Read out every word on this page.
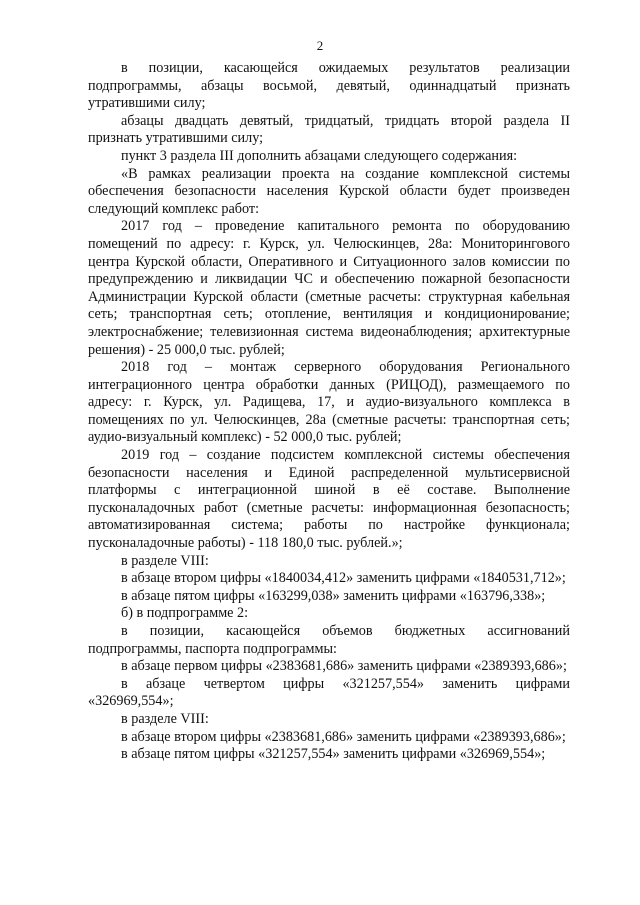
2

в позиции, касающейся ожидаемых результатов реализации подпрограммы, абзацы восьмой, девятый, одиннадцатый признать утратившими силу;

абзацы двадцать девятый, тридцатый, тридцать второй раздела II признать утратившими силу;

пункт 3 раздела III дополнить абзацами следующего содержания:

«В рамках реализации проекта на создание комплексной системы обеспечения безопасности населения Курской области будет произведен следующий комплекс работ:

2017 год – проведение капитального ремонта по оборудованию помещений по адресу: г. Курск, ул. Челюскинцев, 28а: Мониторингового центра Курской области, Оперативного и Ситуационного залов комиссии по предупреждению и ликвидации ЧС и обеспечению пожарной безопасности Администрации Курской области (сметные расчеты: структурная кабельная сеть; транспортная сеть; отопление, вентиляция и кондиционирование; электроснабжение; телевизионная система видеонаблюдения; архитектурные решения) - 25 000,0 тыс. рублей;

2018 год – монтаж серверного оборудования Регионального интеграционного центра обработки данных (РИЦОД), размещаемого по адресу: г. Курск, ул. Радищева, 17, и аудио-визуального комплекса в помещениях по ул. Челюскинцев, 28а (сметные расчеты: транспортная сеть; аудио-визуальный комплекс) - 52 000,0 тыс. рублей;

2019 год – создание подсистем комплексной системы обеспечения безопасности населения и Единой распределенной мультисервисной платформы с интеграционной шиной в её составе. Выполнение пусконаладочных работ (сметные расчеты: информационная безопасность; автоматизированная система; работы по настройке функционала; пусконаладочные работы) - 118 180,0 тыс. рублей.»;

в разделе VIII:

в абзаце втором цифры «1840034,412» заменить цифрами «1840531,712»;

в абзаце пятом цифры «163299,038» заменить цифрами «163796,338»;

б) в подпрограмме 2:

в позиции, касающейся объемов бюджетных ассигнований подпрограммы, паспорта подпрограммы:

в абзаце первом цифры «2383681,686» заменить цифрами «2389393,686»;

в абзаце четвертом цифры «321257,554» заменить цифрами «326969,554»;

в разделе VIII:

в абзаце втором цифры «2383681,686» заменить цифрами «2389393,686»;

в абзаце пятом цифры «321257,554» заменить цифрами «326969,554»;
